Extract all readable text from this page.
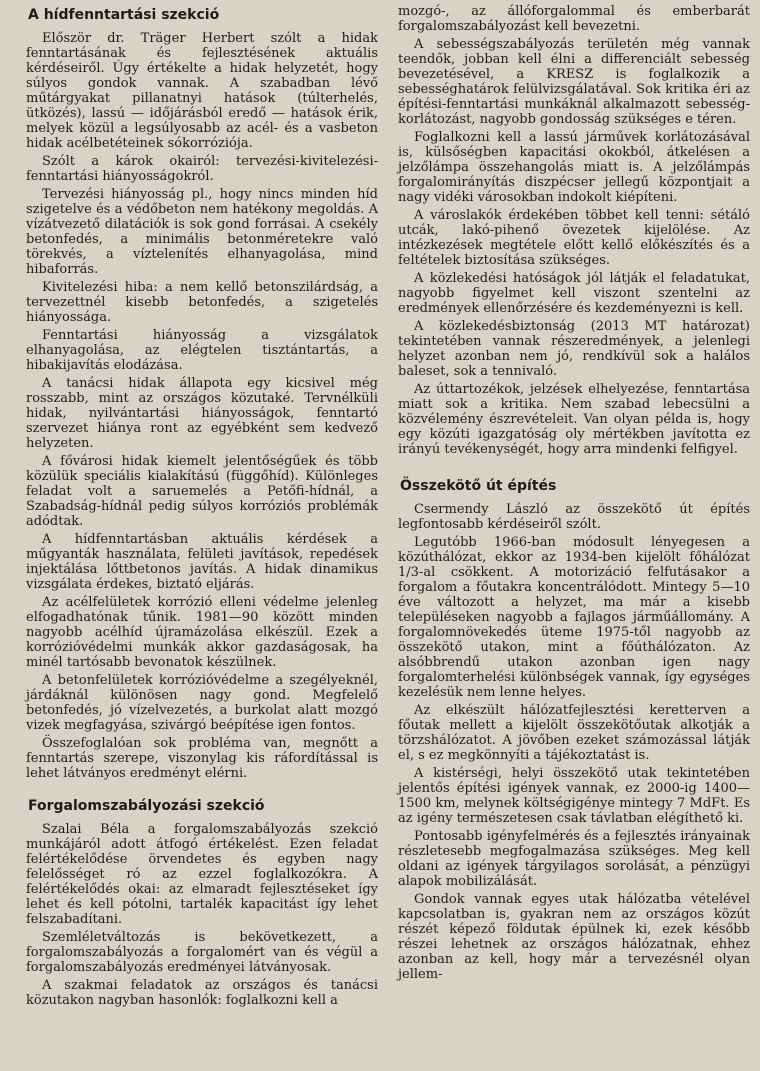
A hídfenntartási szekció

Először dr. Träger Herbert szólt a hidak fenntartásának és fejlesztésének aktuális kérdéseiről. Úgy értékelte a hidak helyzetét, hogy súlyos gondok vannak. A szabadban lévő műtárgyakat pillanatnyi hatások (túlterhelés, ütközés), lassú — időjárásból eredő — hatások érik, melyek közül a legsúlyosabb az acél- és a vasbeton hidak acélbetéteinek sókorróziója.

Szólt a károk okairól: tervezési-kivitelezési-fenntartási hiányosságokról.

Tervezési hiányosság pl., hogy nincs minden híd szigetelve és a védőbeton nem hatékony megoldás. A vízátvezető dilatációk is sok gond forrásai. A csekély betonfedés, a minimális betonméretekre való törekvés, a víztelenítés elhanyagolása, mind hibaforrás.

Kivitelezési hiba: a nem kellő betonszilárdság, a tervezettnél kisebb betonfedés, a szigetelés hiányossága.

Fenntartási hiányosság a vizsgálatok elhanyagolása, az elégtelen tisztántartás, a hibakijavítás elodázása.

A tanácsi hidak állapota egy kicsivel még rosszabb, mint az országos közutaké. Tervnélküli hidak, nyilvántartási hiányosságok, fenntartó szervezet hiánya ront az egyébként sem kedvező helyzeten.

A fővárosi hidak kiemelt jelentőségűek és több közülük speciális kialakítású (függőhíd). Különleges feladat volt a saruemelés a Petőfi-hídnál, a Szabadság-hídnál pedig súlyos korróziós problémák adódtak.

A hídfenntartásban aktuális kérdések a műgyanták használata, felületi javítások, repedések injektálása lőttbetonos javítás. A hidak dinamikus vizsgálata érdekes, biztató eljárás.

Az acélfelületek korrózió elleni védelme jelenleg elfogadhatónak tűnik. 1981—90 között minden nagyobb acélhíd újramázolása elkészül. Ezek a korrózióvédelmi munkák akkor gazdaságosak, ha minél tartósabb bevonatok készülnek.

A betonfelületek korrózióvédelme a szegélyeknél, járdáknál különösen nagy gond. Megfelelő betonfedés, jó vízelvezetés, a burkolat alatt mozgó vizek megfagyása, szivárgó beépítése igen fontos.

Összefoglalóan sok probléma van, megnőtt a fenntartás szerepe, viszonylag kis ráfordítással is lehet látványos eredményt elérni.

Forgalomszabályozási szekció

Szalai Béla a forgalomszabályozás szekció munkájáról adott átfogó értékelést. Ezen feladat felértékelődése örvendetes és egyben nagy felelősséget ró az ezzel foglalkozókra. A felértékelődés okai: az elmaradt fejlesztéseket így lehet és kell pótolni, tartalék kapacitást így lehet felszabadítani.

Szemléletváltozás is bekövetkezett, a forgalomszabályozás a forgalomért van és végül a forgalomszabályozás eredményei látványosak.

A szakmai feladatok az országos és tanácsi közutakon nagyban hasonlók: foglalkozni kell a

mozgó-, az állóforgalommal és emberbarát forgalomszabályozást kell bevezetni.

A sebességszabályozás területén még vannak teendők, jobban kell élni a differenciált sebesség bevezetésével, a KRESZ is foglalkozik a sebességhatárok felülvizsgálatával. Sok kritika éri az építési-fenntartási munkáknál alkalmazott sebesség-korlátozást, nagyobb gondosság szükséges e téren.

Foglalkozni kell a lassú járművek korlátozásával is, külsőségben kapacitási okokból, átkelésen a jelzőlámpa összehangolás miatt is. A jelzőlámpás forgalomirányítás diszpécser jellegű központjait a nagy vidéki városokban indokolt kiépíteni.

A városlakók érdekében többet kell tenni: sétáló utcák, lakó-pihenő övezetek kijelölése. Az intézkezések megtétele előtt kellő előkészítés és a feltételek biztosítása szükséges.

A közlekedési hatóságok jól látják el feladatukat, nagyobb figyelmet kell viszont szentelni az eredmények ellenőrzésére és kezdeményezni is kell.

A közlekedésbiztonság (2013 MT határozat) tekintetében vannak részeredmények, a jelenlegi helyzet azonban nem jó, rendkívül sok a halálos baleset, sok a tennivaló.

Az úttartozékok, jelzések elhelyezése, fenntartása miatt sok a kritika. Nem szabad lebecsülni a közvélemény észrevételeit. Van olyan példa is, hogy egy közúti igazgatóság oly mértékben javította ez irányú tevékenységét, hogy arra mindenki felfigyel.

Összekötő út építés

Csermendy László az összekötő út építés legfontosabb kérdéseiről szólt.

Legutóbb 1966-ban módosult lényegesen a közúthálózat, ekkor az 1934-ben kijelölt főhálózat 1/3-al csökkent. A motorizáció felfutásakor a forgalom a főutakra koncentrálódott. Mintegy 5—10 éve változott a helyzet, ma már a kisebb településeken nagyobb a fajlagos járműállomány. A forgalomnövekedés üteme 1975-től nagyobb az összekötő utakon, mint a főúthálózaton. Az alsóbbrendű utakon azonban igen nagy forgalomterhelési különbségek vannak, így egységes kezelésük nem lenne helyes.

Az elkészült hálózatfejlesztési keretterven a főutak mellett a kijelölt összekötőutak alkotják a törzshálózatot. A jövőben ezeket számozással látják el, s ez megkönnyíti a tájékoztatást is.

A kistérségi, helyi összekötő utak tekintetében jelentős építési igények vannak, ez 2000-ig 1400—1500 km, melynek költségigénye mintegy 7 MdFt. Es az igény természetesen csak távlatban elégíthető ki.

Pontosabb igényfelmérés és a fejlesztés irányainak részletesebb megfogalmazása szükséges. Meg kell oldani az igények tárgyilagos sorolását, a pénzügyi alapok mobilizálását.

Gondok vannak egyes utak hálózatba vételével kapcsolatban is, gyakran nem az országos közút részét képező földutak épülnek ki, ezek később részei lehetnek az országos hálózatnak, ehhez azonban az kell, hogy már a tervezésnél olyan jellem-
